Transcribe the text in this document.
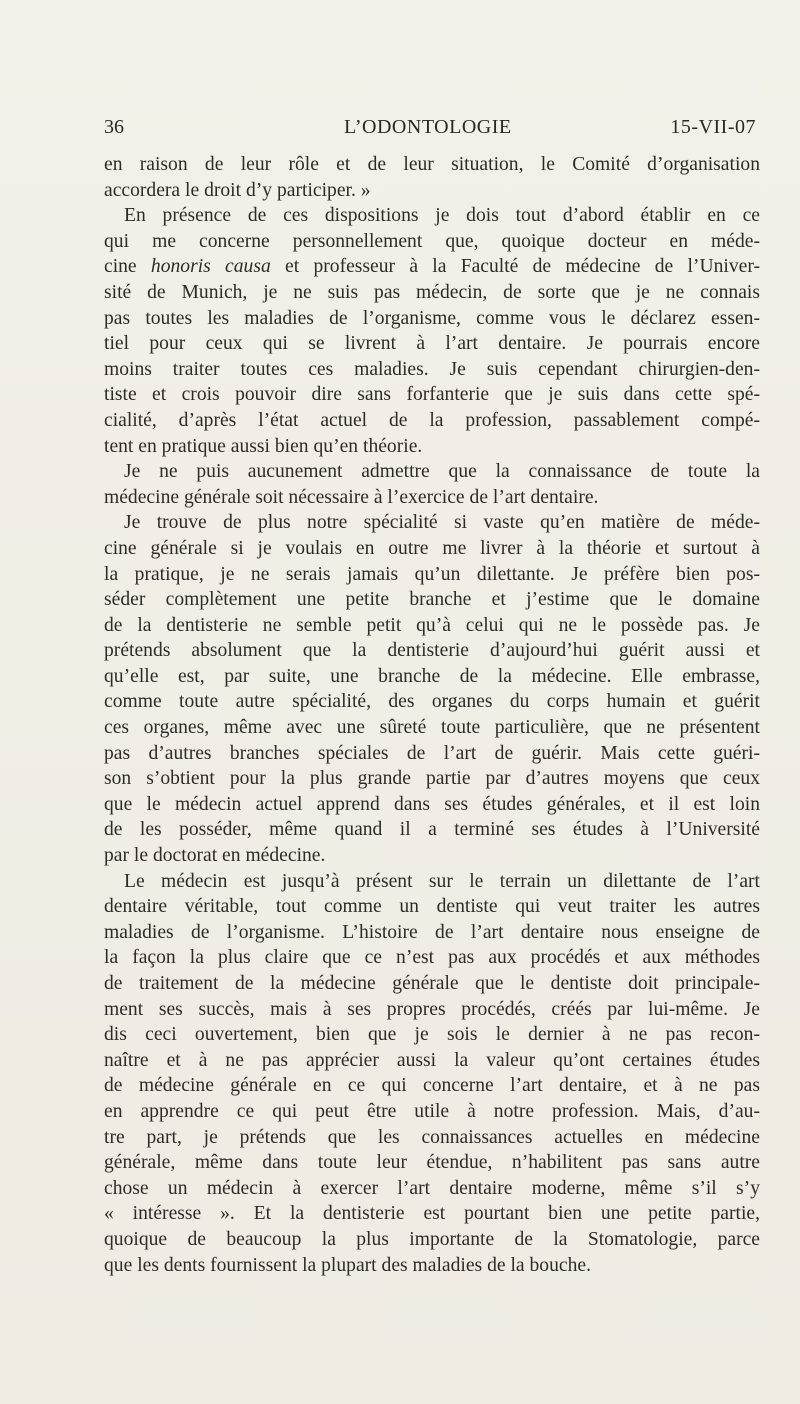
36	L’ODONTOLOGIE	15-VII-07
en raison de leur rôle et de leur situation, le Comité d’organisation
accordera le droit d’y participer. »
En présence de ces dispositions je dois tout d’abord établir en ce
qui me concerne personnellement que, quoique docteur en méde-
cine honoris causa et professeur à la Faculté de médecine de l’Univer-
sité de Munich, je ne suis pas médecin, de sorte que je ne connais
pas toutes les maladies de l’organisme, comme vous le déclarez essen-
tiel pour ceux qui se livrent à l’art dentaire. Je pourrais encore
moins traiter toutes ces maladies. Je suis cependant chirurgien-den-
tiste et crois pouvoir dire sans forfanterie que je suis dans cette spé-
cialité, d’après l’état actuel de la profession, passablement compé-
tent en pratique aussi bien qu’en théorie.
Je ne puis aucunement admettre que la connaissance de toute la
médecine générale soit nécessaire à l’exercice de l’art dentaire.
Je trouve de plus notre spécialité si vaste qu’en matière de méde-
cine générale si je voulais en outre me livrer à la théorie et surtout à
la pratique, je ne serais jamais qu’un dilettante. Je préfère bien pos-
séder complètement une petite branche et j’estime que le domaine
de la dentisterie ne semble petit qu’à celui qui ne le possède pas. Je
prétends absolument que la dentisterie d’aujourd’hui guérit aussi et
qu’elle est, par suite, une branche de la médecine. Elle embrasse,
comme toute autre spécialité, des organes du corps humain et guérit
ces organes, même avec une sûreté toute particulière, que ne présentent
pas d’autres branches spéciales de l’art de guérir. Mais cette guéri-
son s’obtient pour la plus grande partie par d’autres moyens que ceux
que le médecin actuel apprend dans ses études générales, et il est loin
de les posséder, même quand il a terminé ses études à l’Université
par le doctorat en médecine.
Le médecin est jusqu’à présent sur le terrain un dilettante de l’art
dentaire véritable, tout comme un dentiste qui veut traiter les autres
maladies de l’organisme. L’histoire de l’art dentaire nous enseigne de
la façon la plus claire que ce n’est pas aux procédés et aux méthodes
de traitement de la médecine générale que le dentiste doit principale-
ment ses succès, mais à ses propres procédés, créés par lui-même. Je
dis ceci ouvertement, bien que je sois le dernier à ne pas recon-
naître et à ne pas apprécier aussi la valeur qu’ont certaines études
de médecine générale en ce qui concerne l’art dentaire, et à ne pas
en apprendre ce qui peut être utile à notre profession. Mais, d’au-
tre part, je prétends que les connaissances actuelles en médecine
générale, même dans toute leur étendue, n’habilitent pas sans autre
chose un médecin à exercer l’art dentaire moderne, même s’il s’y
« intéresse ». Et la dentisterie est pourtant bien une petite partie,
quoique de beaucoup la plus importante de la Stomatologie, parce
que les dents fournissent la plupart des maladies de la bouche.
